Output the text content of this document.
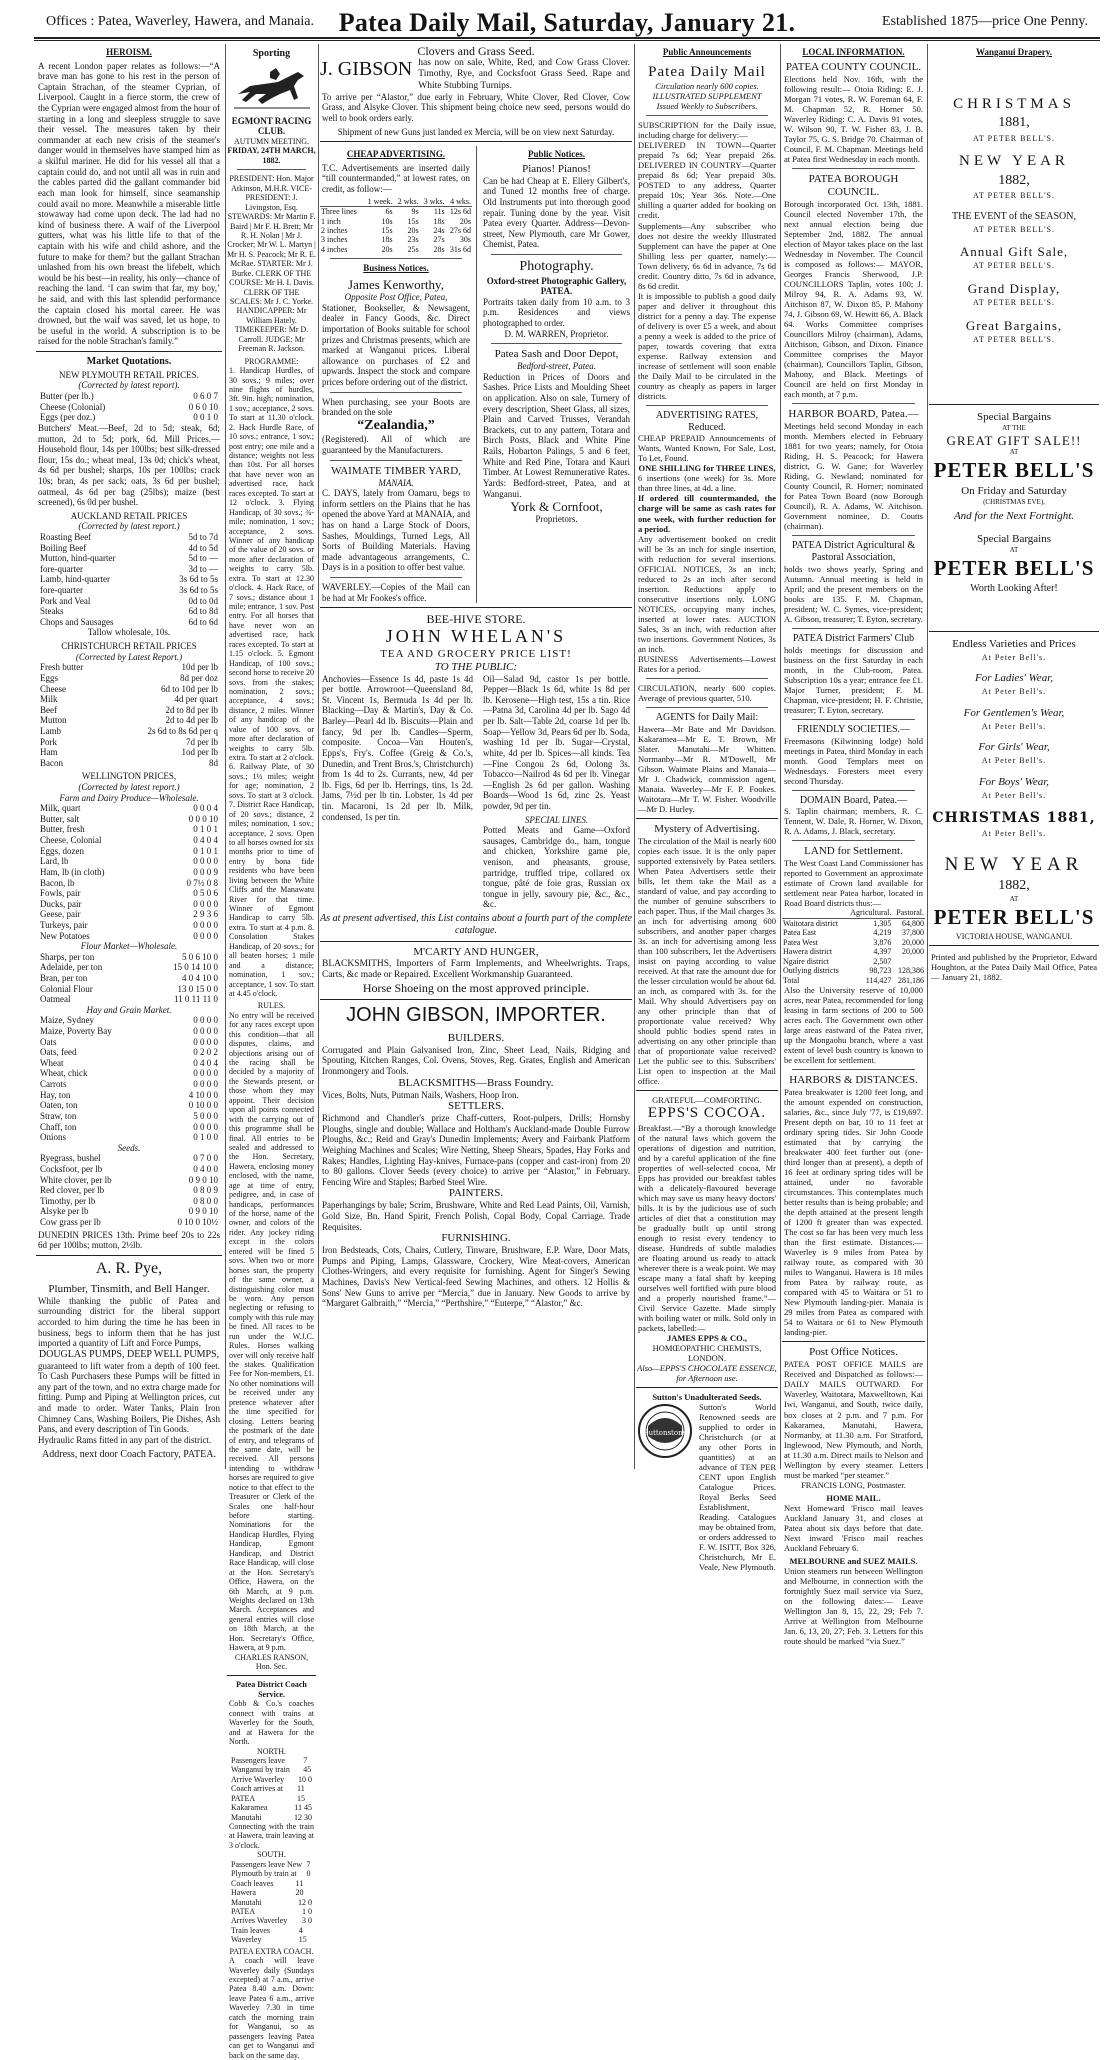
Offices : Patea, Waverley, Hawera, and Manaia. Patea Daily Mail, Saturday, January 21.	Established 1875—price One Penny.
HEROISM.
A recent London paper relates as follows:—“A brave man has gone to his rest in the person of Captain Strachan, of the steamer Cyprian, of Liverpool. Caught in a fierce storm, the crew of the Cyprian were engaged almost from the hour of starting in a long and sleepless struggle to save their vessel. The measures taken by their commander at each new crisis of the steamer's danger would in themselves have stamped him as a skilful mariner. He did for his vessel all that a captain could do, and not until all was in ruin and the cables parted did the gallant commander bid each man look for himself, since seamanship could avail no more. Meanwhile a miserable little stowaway had come upon deck. The lad had no kind of business there. A waif of the Liverpool gutters, what was his little life to that of the captain with his wife and child ashore, and the future to make for them? but the gallant Strachan unlashed from his own breast the lifebelt, which would be his best—in reality, his only—chance of reaching the land. ‘I can swim that far, my boy,’ he said, and with this last splendid performance the captain closed his mortal career. He was drowned, but the waif was saved, let us hope, to be useful in the world. A subscription is to be raised for the noble Strachan's family.”
Market Quotations.
NEW PLYMOUTH RETAIL PRICES.
(Corrected by latest report).
Butter (per lb.)	0 6 0 7
Cheese (Colonial)	0 6 0 10
Eggs (per doz.)	0 0 1 0
Butchers' Meat.—Beef, 2d to 5d; steak, 6d; mutton, 2d to 5d; pork, 6d. Mill Prices.—Household flour, 14s per 100lbs; best silk-dressed flour, 15s do.; wheat meal, 13s 0d; chick's wheat, 4s 6d per bushel; sharps, 10s per 100lbs; crack 10s; bran, 4s per sack; oats, 3s 6d per bushel; oatmeal, 4s 6d per bag (25lbs); maize (best screened), 6s 0d per bushel.
AUCKLAND RETAIL PRICES
(Corrected by latest report.)
Roasting Beef	5d to 7d
Boiling Beef	4d to 5d
Mutton, hind-quarter	5d to —
fore-quarter	3d to —
Lamb, hind-quarter	3s 6d to 5s
fore-quarter	3s 6d to 5s
Pork and Veal	0d to 0d
Steaks	6d to 8d
Chops and Sausages	6d to 6d
Tallow wholesale, 10s.
CHRISTCHURCH RETAIL PRICES
(Corrected by Latest Report.)
Fresh butter	10d per lb
Eggs	8d per doz
Cheese	6d to 10d per lb
Milk	4d per quart
Beef	2d to 8d per lb
Mutton	2d to 4d per lb
Lamb	2s 6d to 8s 6d per q
Pork	7d per lb
Ham	1od per lb
Bacon	8d
WELLINGTON PRICES,
(Corrected by latest report.)
Farm and Dairy Produce—Wholesale.
Milk, quart	0 0 0 4
Butter, salt	0 0 0 10
Butter, fresh	0 1 0 1
Cheese, Colonial	0 4 0 4
Eggs, dozen	0 1 0 1
Lard, lb	0 0 0 0
Ham, lb (in cloth)	0 0 0 9
Bacon, lb	0 7½ 0 8
Fowls, pair	0 5 0 6
Ducks, pair	0 0 0 0
Geese, pair	2 9 3 6
Turkeys, pair	0 0 0 0
New Potatoes	0 0 0 0
Flour Market—Wholesale.
Sharps, per ton	5 0 6 10 0
Adelaide, per ton	15 0 14 10 0
Bran, per ton	4 0 4 10 0
Colonial Flour	13 0 15 0 0
Oatmeal	11 0 11 11 0
Hay and Grain Market.
Maize, Sydney	0 0 0 0
Maize, Poverty Bay	0 0 0 0
Oats	0 0 0 0
Oats, feed	0 2 0 2
Wheat	0 4 0 4
Wheat, chick	0 0 0 0
Carrots	0 0 0 0
Hay, ton	4 10 0 0
Oaten, ton	0 10 0 0
Straw, ton	5 0 0 0
Chaff, ton	0 0 0 0
Onions	0 1 0 0
Seeds.
Ryegrass, bushel	0 7 0 0
Cocksfoot, per lb	0 4 0 0
White clover, per lb	0 9 0 10
Red clover, per lb	0 8 0 9
Timothy, per lb	0 8 0 0
Alsyke per lb	0 9 0 10
Cow grass per lb	0 10 0 10½
DUNEDIN PRICES 13th. Prime beef 20s to 22s 6d per 100lbs; mutton, 2½lb.
A. R. Pye,
Plumber, Tinsmith, and Bell Hanger.
While thanking the public of Patea and surrounding district for the liberal support accorded to him during the time he has been in business, begs to inform them that he has just imported a quantity of Lift and Force Pumps,
DOUGLAS PUMPS, DEEP WELL PUMPS,
guaranteed to lift water from a depth of 100 feet. To Cash Purchasers these Pumps will be fitted in any part of the town, and no extra charge made for fitting. Pump and Piping at Wellington prices, cut and made to order. Water Tanks, Plain Iron Chimney Cans, Washing Boilers, Pie Dishes, Ash Pans, and every description of Tin Goods.
Hydraulic Rams fitted in any part of the district.
Address, next door Coach Factory, PATEA.
Sporting
EGMONT RACING CLUB.
AUTUMN MEETING.
FRIDAY, 24TH MARCH, 1882.
PRESIDENT: Hon. Major Atkinson, M.H.R. VICE-PRESIDENT: J. Livingston, Esq. STEWARDS: Mr Martin F. Baird | Mr F. H. Brett; Mr R. H. Nolan | Mr J. Crocker; Mr W. L. Martyn | Mr H. S. Peacock; Mr R. E. McRae. STARTER: Mr J. Burke. CLERK OF THE COURSE: Mr H. I. Davis. CLERK OF THE SCALES: Mr J. C. Yorke. HANDICAPPER: Mr William Hately. TIMEKEEPER: Mr D. Carroll. JUDGE: Mr Freeman R. Jackson.
PROGRAMME:
1. Handicap Hurdles, of 30 sovs.; 9 miles; over nine flights of hurdles, 3ft. 9in. high; nomination, 1 sov.; acceptance, 2 sovs. To start at 11.30 o'clock. 2. Hack Hurdle Race, of 10 sovs.; entrance, 1 sov.; post entry; one mile and a distance; weights not less than 10st. For all horses that have never won an advertised race, hack races excepted. To start at 12 o'clock. 3. Flying Handicap, of 30 sovs.; ¾-mile; nomination, 1 sov.; acceptance, 2 sovs. Winner of any handicap of the value of 20 sovs. or more after declaration of weights to carry 5lb. extra. To start at 12.30 o'clock. 4. Hack Race, of 7 sovs.; distance about 1 mile; entrance, 1 sov. Post entry. For all horses that have never won an advertised race, hack races excepted. To start at 1.15 o'clock. 5. Egmont Handicap, of 100 sovs.; second horse to receive 20 sovs. from the stakes; nomination, 2 sovs.; acceptance, 4 sovs.; distance, 2 miles. Winner of any handicap of the value of 100 sovs. or more after declaration of weights to carry 5lb. extra. To start at 2 o'clock. 6. Railway Plate, of 30 sovs.; 1½ miles; weight for age; nomination, 2 sovs. To start at 3 o'clock. 7. District Race Handicap, of 20 sovs.; distance, 2 miles; nomination, 1 sov.; acceptance, 2 sovs. Open to all horses owned for six months prior to time of entry by bona fide residents who have been living between the White Cliffs and the Manawatu River for that time. Winner of Egmont Handicap to carry 5lb. extra. To start at 4 p.m. 8. Consolation Stakes Handicap, of 20 sovs.; for all beaten horses; 1 mile and a distance; nomination, 1 sov.; acceptance, 1 sov. To start at 4.45 o'clock.
RULES.
No entry will be received for any races except upon this condition—that all disputes, claims, and objections arising out of the racing shall be decided by a majority of the Stewards present, or those whom they may appoint. Their decision upon all points connected with the carrying out of this programme shall be final. All entries to be sealed and addressed to the Hon. Secretary, Hawera, enclosing money enclosed, with the name, age at time of entry, pedigree, and, in case of handicaps, performances of the horse, name of the owner, and colors of the rider. Any jockey riding except in the colors entered will be fined 5 sovs. When two or more horses start, the property of the same owner, a distinguishing color must be worn. Any person neglecting or refusing to comply with this rule may be fined. All races to be run under the W.J.C. Rules. Horses walking over will only receive half the stakes. Qualification Fee for Non-members, £1. No other nominations will be received under any pretence whatever after the time specified for closing. Letters bearing the postmark of the date of entry, and telegrams of the same date, will be received. All persons intending to withdraw horses are required to give notice to that effect to the Treasurer or Clerk of the Scales one half-hour before starting. Nominations for the Handicap Hurdles, Flying Handicap, Egmont Handicap, and District Race Handicap, will close at the Hon. Secretary's Office, Hawera, on the 6th March, at 9 p.m. Weights declared on 13th March. Acceptances and general entries will close on 18th March, at the Hon. Secretary's Office, Hawera, at 9 p.m.
CHARLES RANSON, Hon. Sec.
Patea District Coach Service.
Cobb & Co.'s coaches connect with trains at Waverley for the South, and at Hawera for the North.
NORTH.
Passengers leave Wanganui by train
7 45
Arrive Waverley 10 0
Coach arrives at PATEA
11 15
Kakaramea	11 45
Manutahi	12 30
Connecting with the train at Hawera, train leaving at 3 o'clock.
SOUTH.
Passengers leave New Plymouth by train at
7 0
Coach leaves Hawera
11 20
Manutahi	12 0
PATEA	1 0
Arrives Waverley 3 0
Train leaves Waverley
4 15
PATEA EXTRA COACH.
A coach will leave Waverley daily (Sundays excepted) at 7 a.m., arrive Patea 8.40 a.m. Down: leave Patea 6 a.m., arrive Waverley 7.30 in time catch the morning train for Wanganui, so as passengers leaving Patea can get to Wanganui and back on the same day.
Clovers and Grass Seed.
J. GIBSON has now on sale, White, Red, and Cow Grass Clover. Timothy, Rye, and Cocksfoot Grass Seed. Rape and White Stubbing Turnips.
To arrive per “Alastor,” due early in February, White Clover, Red Clover, Cow Grass, and Alsyke Clover. This shipment being choice new seed, persons would do well to book orders early.
Shipment of new Guns just landed ex Mercia, will be on view next Saturday.
CHEAP ADVERTISING.
T.C. Advertisements are inserted daily “till countermanded,” at lowest rates, on credit, as follow:—
	1 week.	2 wks.	3 wks.	4 wks.
Three lines	6s	9s	11s	12s 6d
1 inch	10s	15s	18s	20s
2 inches	15s	20s	24s	27s 6d
3 inches	18s	23s	27s	30s
4 inches	20s	25s	28s	31s 6d
Business Notices.
James Kenworthy,
Opposite Post Office, Patea,
Stationer, Bookseller, & Newsagent, dealer in Fancy Goods, &c. Direct importation of Books suitable for school prizes and Christmas presents, which are marked at Wanganui prices. Liberal allowance on purchases of £2 and upwards. Inspect the stock and compare prices before ordering out of the district.
When purchasing, see your Boots are branded on the sole
“Zealandia,”
(Registered). All of which are guaranteed by the Manufacturers.
WAIMATE TIMBER YARD,
MANAIA.
C. DAYS, lately from Oamaru, begs to inform settlers on the Plains that he has opened the above Yard at MANAIA, and has on hand a Large Stock of Doors, Sashes, Mouldings, Turned Legs, All Sorts of Building Materials. Having made advantageous arrangements, C. Days is in a position to offer best value.
WAVERLEY.—Copies of the Mail can be had at Mr Fookes's office.
Public Notices.
Pianos! Pianos!
Can be had Cheap at E. Ellery Gilbert's, and Tuned 12 months free of charge. Old Instruments put into thorough good repair. Tuning done by the year. Visit Patea every Quarter. Address—Devon-street, New Plymouth, care Mr Gower, Chemist, Patea.
Photography.
Oxford-street Photographic Gallery, PATEA.
Portraits taken daily from 10 a.m. to 3 p.m. Residences and views photographed to order.
D. M. WARREN, Proprietor.
Patea Sash and Door Depot,
Bedford-street, Patea.
Reduction in Prices of Doors and Sashes. Price Lists and Moulding Sheet on application. Also on sale, Turnery of every description, Sheet Glass, all sizes, Plain and Carved Trusses, Verandah Brackets, cut to any pattern, Totara and Birch Posts, Black and White Pine Rails, Hobarton Palings, 5 and 6 feet, White and Red Pine, Totara and Kauri Timber. At Lowest Remunerative Rates. Yards: Bedford-street, Patea, and at Wanganui.
York & Cornfoot,
Proprietors.
BEE-HIVE STORE.
JOHN WHELAN'S
TEA AND GROCERY PRICE LIST!
TO THE PUBLIC:
Anchovies—Essence 1s 4d, paste 1s 4d per bottle. Arrowroot—Queensland 8d, St. Vincent 1s, Bermuda 1s 4d per lb. Blacking—Day & Martin's, Day & Co. Barley—Pearl 4d lb. Biscuits—Plain and fancy, 9d per lb. Candles—Sperm, composite. Cocoa—Van Houten's, Epps's, Fry's. Coffee (Greig & Co.'s, Dunedin, and Trent Bros.'s, Christchurch) from 1s 4d to 2s. Currants, new, 4d per lb. Figs, 6d per lb. Herrings, tins, 1s 2d. Jams, 7½d per lb tin. Lobster, 1s 4d per tin. Macaroni, 1s 2d per lb. Milk, condensed, 1s per tin.
Oil—Salad 9d, castor 1s per bottle. Pepper—Black 1s 6d, white 1s 8d per lb. Kerosene—High test, 15s a tin. Rice—Patna 3d, Carolina 4d per lb. Sago 4d per lb. Salt—Table 2d, coarse 1d per lb. Soap—Yellow 3d, Pears 6d per lb. Soda, washing 1d per lb. Sugar—Crystal, white, 4d per lb. Spices—all kinds. Tea—Fine Congou 2s 6d, Oolong 3s. Tobacco—Nailrod 4s 6d per lb. Vinegar—English 2s 6d per gallon. Washing Boards—Wood 1s 6d, zinc 2s. Yeast powder, 9d per tin.
SPECIAL LINES.
Potted Meats and Game—Oxford sausages, Cambridge do., ham, tongue and chicken, Yorkshire game pie, venison, and pheasants, grouse, partridge, truffled tripe, collared ox tongue, pâté de foie gras, Russian ox tongue in jelly, savoury pie, &c., &c., &c.
As at present advertised, this List contains about a fourth part of the complete catalogue.
M'CARTY AND HUNGER,
BLACKSMITHS, Importers of Farm Implements, and Wheelwrights. Traps, Carts, &c made or Repaired. Excellent Workmanship Guaranteed.
Horse Shoeing on the most approved principle.
JOHN GIBSON, IMPORTER.
BUILDERS.
Corrugated and Plain Galvanised Iron, Zinc, Sheet Lead, Nails, Ridging and Spouting, Kitchen Ranges, Col. Ovens, Stoves, Reg. Grates, English and American Ironmongery and Tools.
BLACKSMITHS—Brass Foundry.
Vices, Bolts, Nuts, Putman Nails, Washers, Hoop Iron.
SETTLERS.
Richmond and Chandler's prize Chaff-cutters, Root-pulpers, Drills; Hornsby Ploughs, single and double; Wallace and Holtham's Auckland-made Double Furrow Ploughs, &c.; Reid and Gray's Dunedin Implements; Avery and Fairbank Platform Weighing Machines and Scales; Wire Netting, Sheep Shears, Spades, Hay Forks and Rakes; Handles, Lighting Hay-knives, Furnace-pans (copper and cast-iron) from 20 to 80 gallons. Clover Seeds (every choice) to arrive per “Alastor,” in February. Fencing Wire and Staples; Barbed Steel Wire.
PAINTERS.
Paperhangings by bale; Scrim, Brushware, White and Red Lead Paints, Oil, Varnish, Gold Size, Bn. Hand Spirit, French Polish, Copal Body, Copal Carriage. Trade Requisites.
FURNISHING.
Iron Bedsteads, Cots, Chairs, Cutlery, Tinware, Brushware, E.P. Ware, Door Mats, Pumps and Piping, Lamps, Glassware, Crockery, Wire Meat-covers, American Clothes-Wringers, and every requisite for furnishing. Agent for Singer's Sewing Machines, Davis's New Vertical-feed Sewing Machines, and others. 12 Hollis & Sons' New Guns to arrive per “Mercia,” due in January. New Goods to arrive by “Margaret Galbraith,” “Mercia,” “Perthshire,” “Euterpe,” “Alastor,” &c.
Public Announcements
Patea Daily Mail
Circulation nearly 600 copies.
ILLUSTRATED SUPPLEMENT
Issued Weekly to Subscribers.
SUBSCRIPTION for the Daily issue, including charge for delivery:—
DELIVERED IN TOWN—Quarter prepaid 7s 6d; Year prepaid 26s. DELIVERED IN COUNTRY—Quarter prepaid 8s 6d; Year prepaid 30s. POSTED to any address, Quarter prepaid 10s; Year 36s. Note.—One shilling a quarter added for booking on credit.
Supplements—Any subscriber who does not desire the weekly Illustrated Supplement can have the paper at One Shilling less per quarter, namely:—Town delivery, 6s 6d in advance, 7s 6d credit. Country ditto, 7s 6d in advance, 8s 6d credit.
It is impossible to publish a good daily paper and deliver it throughout this district for a penny a day. The expense of delivery is over £5 a week, and about a penny a week is added to the price of paper, towards covering that extra expense. Railway extension and increase of settlement will soon enable the Daily Mail to be circulated in the country as cheaply as papers in larger districts.
ADVERTISING RATES, Reduced.
CHEAP PREPAID Announcements of Wants, Wanted Known, For Sale, Lost, To Let, Found.
ONE SHILLING for THREE LINES,
6 insertions (one week) for 3s. More than three lines, at 4d. a line.
If ordered till countermanded, the charge will be same as cash rates for one week, with further reduction for a period.
Any advertisement booked on credit will be 3s an inch for single insertion, with reduction for several insertions. OFFICIAL NOTICES, 3s an inch; reduced to 2s an inch after second insertion. Reductions apply to consecutive insertions only. LONG NOTICES, occupying many inches, inserted at lower rates. AUCTION Sales, 3s an inch, with reduction after two insertions. Government Notices, 3s an inch.
BUSINESS Advertisements—Lowest Rates for a period.
CIRCULATION, nearly 600 copies. Average of previous quarter, 510.
AGENTS for Daily Mail:
Hawera—Mr Bate and Mr Davidson. Kakaramea—Mr E. T. Brown, Mr Slater. Manutahi—Mr Whitten. Normanby—Mr R. M'Dowell, Mr Gibson. Waimate Plains and Manaia—Mr J. Chadwick, commission agent, Manaia. Waverley—Mr F. P. Fookes. Waitotara—Mr T. W. Fisher. Woodville—Mr D. Hurley.
Mystery of Advertising.
The circulation of the Mail is nearly 600 copies each issue. It is the only paper supported extensively by Patea settlers. When Patea Advertisers settle their bills, let them take the Mail as a standard of value, and pay according to the number of genuine subscribers to each paper. Thus, if the Mail charges 3s. an inch for advertising among 600 subscribers, and another paper charges 3s. an inch for advertising among less than 100 subscribers, let the Advertisers insist on paying according to value received. At that rate the amount due for the lesser circulation would be about 6d. an inch, as compared with 3s. for the Mail. Why should Advertisers pay on any other principle than that of proportionate value received? Why should public bodies spend rates in advertising on any other principle than that of proportionate value received? Let the public see to this. Subscribers' List open to inspection at the Mail office.
GRATEFUL—COMFORTING.
EPPS'S COCOA.
Breakfast.—“By a thorough knowledge of the natural laws which govern the operations of digestion and nutrition, and by a careful application of the fine properties of well-selected cocoa, Mr Epps has provided our breakfast tables with a delicately-flavoured beverage which may save us many heavy doctors' bills. It is by the judicious use of such articles of diet that a constitution may be gradually built up until strong enough to resist every tendency to disease. Hundreds of subtle maladies are floating around us ready to attack wherever there is a weak point. We may escape many a fatal shaft by keeping ourselves well fortified with pure blood and a properly nourished frame.”—Civil Service Gazette. Made simply with boiling water or milk. Sold only in packets, labelled:—
JAMES EPPS & CO.,
HOMŒOPATHIC CHEMISTS, LONDON.
Also—EPPS'S CHOCOLATE ESSENCE, for Afternoon use.
Sutton's Unadulterated Seeds.
Suttonstons
Sutton's World Renowned seeds are supplied to order in Christchurch (or at any other Ports in quantities) at an advance of TEN PER CENT upon English Catalogue Prices. Royal Berks Seed Establishment, Reading. Catalogues may be obtained from, or orders addressed to F. W. ISITT, Box 326, Christchurch, Mr E. Veale, New Plymouth.
LOCAL INFORMATION.
PATEA COUNTY COUNCIL.
Elections held Nov. 16th, with the following result:— Otoia Riding: E. J. Morgan 71 votes, R. W. Foreman 64, F. M. Chapman 52, R. Horner 50. Waverley Riding: C. A. Davis 91 votes, W. Wilson 90, T. W. Fisher 83, J. B. Taylor 75, G. S. Bridge 70. Chairman of Council, F. M. Chapman. Meetings held at Patea first Wednesday in each month.
PATEA BOROUGH COUNCIL.
Borough incorporated Oct. 13th, 1881. Council elected November 17th, the next annual election being due September 2nd, 1882. The annual election of Mayor takes place on the last Wednesday in November. The Council is composed as follows:— MAYOR, Georges Francis Sherwood, J.P. COUNCILLORS Taplin, votes 100; J. Milroy 94, R. A. Adams 93, W. Aitchison 87, W. Dixon 85, P. Mahony 74, J. Gibson 69, W. Hewitt 66, A. Black 64. Works Committee comprises Councillors Milroy (chairman), Adams, Aitchison, Gibson, and Dixon. Finance Committee comprises the Mayor (chairman), Councillors Taplin, Gibson, Mahony, and Black. Meetings of Council are held on first Monday in each month, at 7 p.m.
HARBOR BOARD, Patea.—
Meetings held second Monday in each month. Members elected in February 1881 for two years; namely, for Otoia Riding, H. S. Peacock; for Hawera district, G. W. Gane; for Waverley Riding, G. Newland; nominated for County Council, R. Horner; nominated for Patea Town Board (now Borough Council), R. A. Adams, W. Aitchison. Government nominee, D. Coutts (chairman).
PATEA District Agricultural & Pastoral Association,
holds two shows yearly, Spring and Autumn. Annual meeting is held in April; and the present members on the books are 135. F. M. Chapman, president; W. C. Symes, vice-president; A. Gibson, treasurer; T. Eyton, secretary.
PATEA District Farmers' Club
holds meetings for discussion and business on the first Saturday in each month, in the Club-room, Patea. Subscription 10s a year; entrance fee £1. Major Turner, president; F. M. Chapman, vice-president; H. F. Christie, treasurer; T. Eyton, secretary.
FRIENDLY SOCIETIES.—
Freemasons (Kilwinning lodge) hold meetings in Patea, third Monday in each month. Good Templars meet on Wednesdays. Foresters meet every second Thursday.
DOMAIN Board, Patea.—
S. Taplin chairman; members, R. C. Tennent, W. Dale, R. Horner, W. Dixon, R. A. Adams, J. Black, secretary.
LAND for Settlement.
The West Coast Land Commissioner has reported to Government an approximate estimate of Crown land available for settlement near Patea harbor, located in Road Board districts thus:—
	Agricultural.	Pastoral.
Waitotara district	1,305	64,800
Patea East	4,219	37,800
Patea West	3,876	20,000
Hawera district	4,397	20,000
Ngaire district	2,507	
Outlying districts	98,723	128,386
Total	114,427	281,186
Also the University reserve of 10,000 acres, near Patea, recommended for long leasing in farm sections of 200 to 500 acres each. The Government own other large areas eastward of the Patea river, up the Mongaohu branch, where a vast extent of level bush country is known to be excellent for settlement.
HARBORS & DISTANCES.
Patea breakwater is 1200 feet long, and the amount expended on construction, salaries, &c., since July '77, is £19,697. Present depth on bar, 10 to 11 feet at ordinary spring tides. Sir John Coode estimated that by carrying the breakwater 400 feet further out (one-third longer than at present), a depth of 16 feet at ordinary spring tides will be attained, under no favorable circumstances. This contemplates much better results than is being probable; and the depth attained at the present length of 1200 ft greater than was expected. The cost so far has been very much less than the first estimate. Distances.—Waverley is 9 miles from Patea by railway route, as compared with 30 miles to Wanganui. Hawera is 18 miles from Patea by railway route, as compared with 45 to Waitara or 51 to New Plymouth landing-pier. Manaia is 29 miles from Patea as compared with 54 to Waitara or 61 to New Plymouth landing-pier.
Post Office Notices.
PATEA POST OFFICE MAILS are Received and Dispatched as follows:— DAILY MAILS OUTWARD. For Waverley, Waitotara, Maxwelltown, Kai Iwi, Wanganui, and South, twice daily, box closes at 2 p.m. and 7 p.m. For Kakaramea, Manutahi, Hawera, Normanby, at 11.30 a.m. For Stratford, Inglewood, New Plymouth, and North, at 11.30 a.m. Direct mails to Nelson and Wellington by every steamer. Letters must be marked “per steamer.”
FRANCIS LONG, Postmaster.
HOME MAIL.
Next Homeward 'Frisco mail leaves Auckland January 31, and closes at Patea about six days before that date. Next inward 'Frisco mail reaches Auckland February 6.
MELBOURNE and SUEZ MAILS.
Union steamers run between Wellington and Melbourne, in connection with the fortnightly Suez mail service via Suez, on the following dates:— Leave Wellington Jan 8, 15, 22, 29; Feb 7. Arrive at Wellington from Melbourne Jan. 6, 13, 20, 27; Feb. 3. Letters for this route should be marked “via Suez.”
Wanganui Drapery.
CHRISTMAS
1881,
AT PETER BELL'S.
NEW YEAR
1882,
AT PETER BELL'S.
THE EVENT of the SEASON,
AT PETER BELL'S.
Annual Gift Sale,
AT PETER BELL'S.
Grand Display,
AT PETER BELL'S.
Great Bargains,
AT PETER BELL'S.
Special Bargains
AT THE
GREAT GIFT SALE!!
AT
PETER BELL'S
On Friday and Saturday
(CHRISTMAS EVE),
And for the Next Fortnight.
Special Bargains
AT
PETER BELL'S
Worth Looking After!
Endless Varieties and Prices
At Peter Bell's.
For Ladies' Wear,
At Peter Bell's.
For Gentlemen's Wear,
At Peter Bell's.
For Girls' Wear,
At Peter Bell's.
For Boys' Wear,
At Peter Bell's.
CHRISTMAS 1881,
At Peter Bell's.
NEW YEAR
1882,
AT
PETER BELL'S
VICTORIA HOUSE, WANGANUI.
Printed and published by the Proprietor, Edward Houghton, at the Patea Daily Mail Office, Patea — January 21, 1882.
